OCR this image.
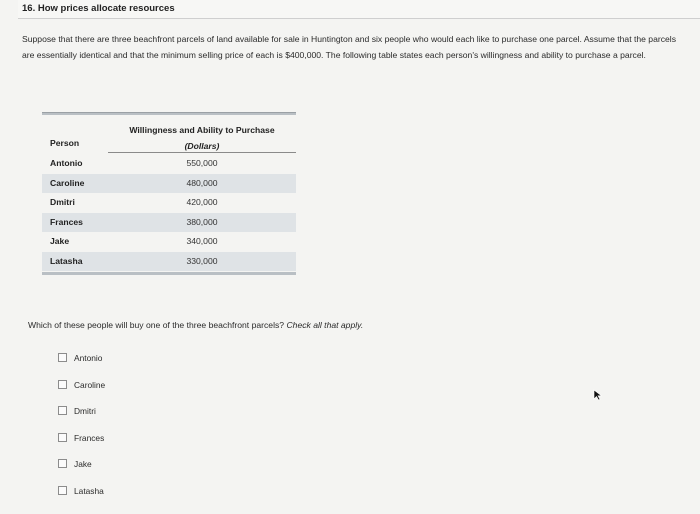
16. How prices allocate resources
Suppose that there are three beachfront parcels of land available for sale in Huntington and six people who would each like to purchase one parcel. Assume that the parcels are essentially identical and that the minimum selling price of each is $400,000. The following table states each person's willingness and ability to purchase a parcel.
Willingness and Ability to Purchase
(Dollars)
Person
Antonio	550,000
Caroline	480,000
Dmitri	420,000
Frances	380,000
Jake	340,000
Latasha	330,000
Which of these people will buy one of the three beachfront parcels? Check all that apply.
Antonio
Caroline
Dmitri
Frances
Jake
Latasha
